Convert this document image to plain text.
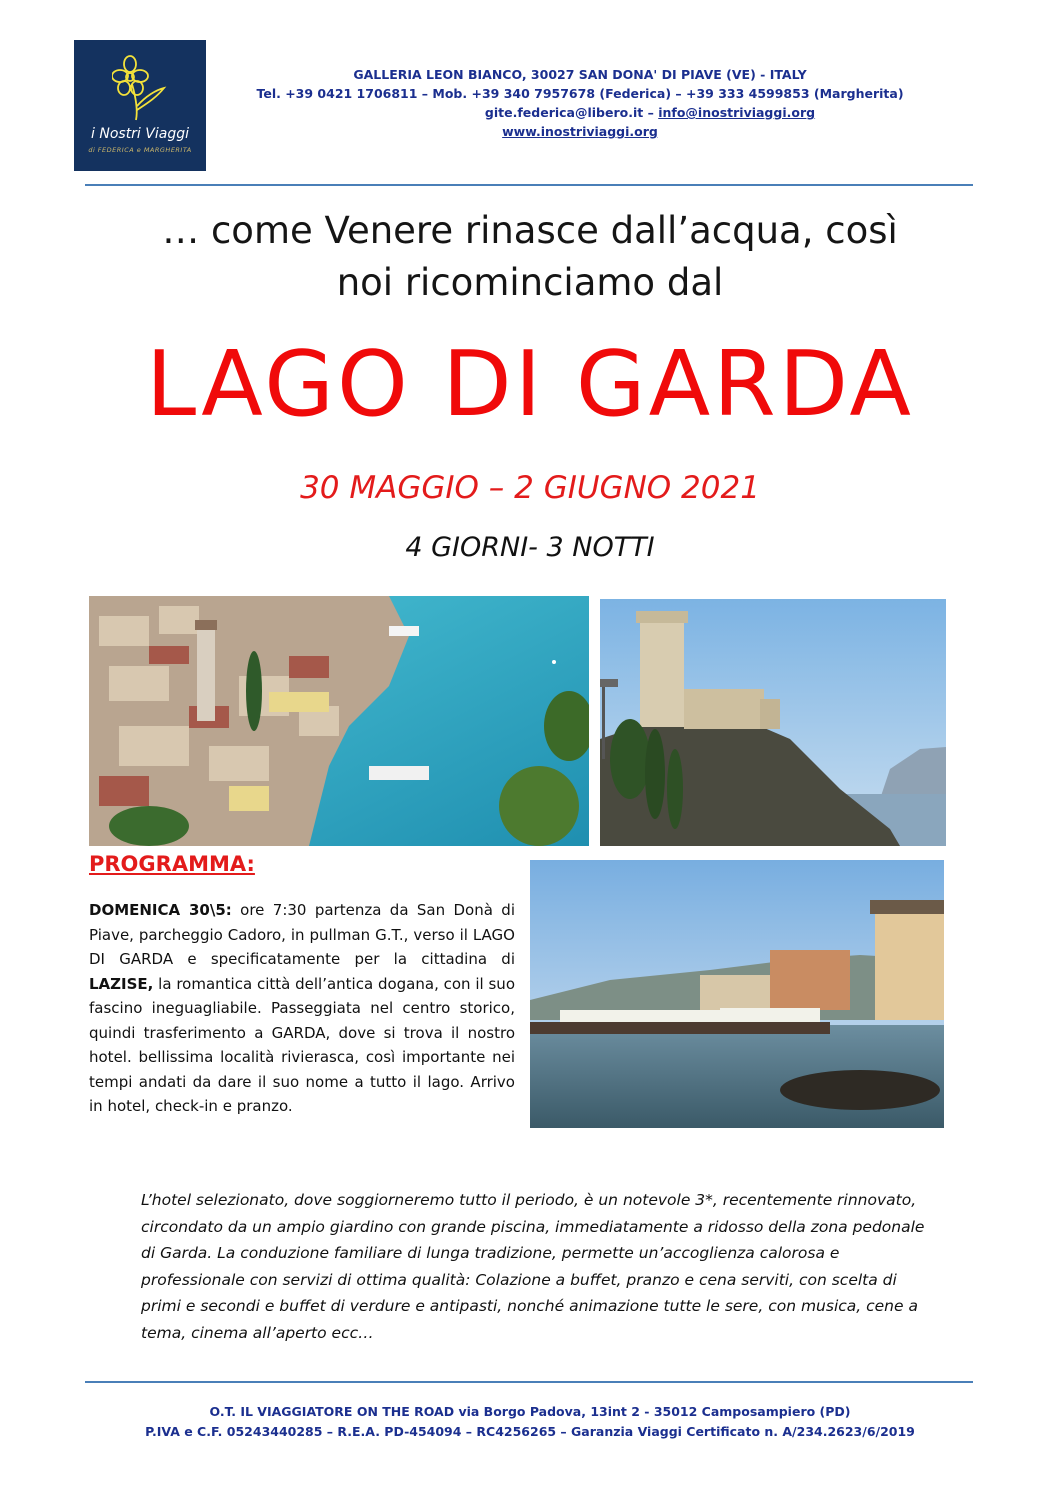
i Nostri Viaggi
di FEDERICA e MARGHERITA
GALLERIA LEON BIANCO, 30027 SAN DONA' DI PIAVE (VE) - ITALY
Tel. +39 0421 1706811 – Mob. +39 340 7957678 (Federica) – +39 333 4599853 (Margherita)
gite.federica@libero.it – info@inostriviaggi.org
www.inostriviaggi.org
… come Venere rinasce dall’acqua, così
noi ricominciamo dal
LAGO DI GARDA
30 MAGGIO – 2 GIUGNO 2021
4 GIORNI- 3 NOTTI
PROGRAMMA:
DOMENICA 30\5: ore 7:30 partenza da San Donà di Piave, parcheggio Cadoro, in pullman G.T., verso il LAGO DI GARDA e specificatamente per la cittadina di LAZISE, la romantica città dell’antica dogana, con il suo fascino ineguagliabile. Passeggiata nel centro storico, quindi trasferimento a GARDA, dove si trova il nostro hotel. bellissima località rivierasca, così importante nei tempi andati da dare il suo nome a tutto il lago. Arrivo in hotel, check-in e pranzo.
L’hotel selezionato, dove soggiorneremo tutto il periodo, è un notevole 3*, recentemente rinnovato, circondato da un ampio giardino con grande piscina, immediatamente a ridosso della zona pedonale di Garda. La conduzione familiare di lunga tradizione, permette un’accoglienza calorosa e professionale con servizi di ottima qualità: Colazione a buffet, pranzo e cena serviti, con scelta di primi e secondi e buffet di verdure e antipasti, nonché animazione tutte le sere, con musica, cene a tema, cinema all’aperto ecc…
O.T. IL VIAGGIATORE ON THE ROAD via Borgo Padova, 13int 2 - 35012 Camposampiero (PD)
P.IVA e C.F. 05243440285 – R.E.A. PD-454094 – RC4256265 – Garanzia Viaggi Certificato n. A/234.2623/6/2019
